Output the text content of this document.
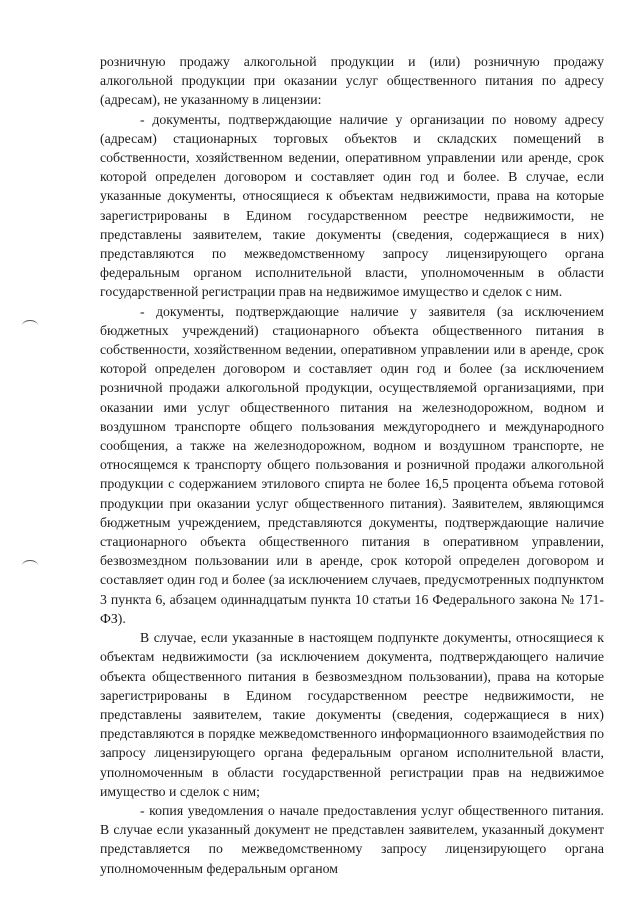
розничную продажу алкогольной продукции и (или) розничную продажу алкогольной продукции при оказании услуг общественного питания по адресу (адресам), не указанному в лицензии:

- документы, подтверждающие наличие у организации по новому адресу (адресам) стационарных торговых объектов и складских помещений в собственности, хозяйственном ведении, оперативном управлении или аренде, срок которой определен договором и составляет один год и более. В случае, если указанные документы, относящиеся к объектам недвижимости, права на которые зарегистрированы в Едином государственном реестре недвижимости, не представлены заявителем, такие документы (сведения, содержащиеся в них) представляются по межведомственному запросу лицензирующего органа федеральным органом исполнительной власти, уполномоченным в области государственной регистрации прав на недвижимое имущество и сделок с ним.

- документы, подтверждающие наличие у заявителя (за исключением бюджетных учреждений) стационарного объекта общественного питания в собственности, хозяйственном ведении, оперативном управлении или в аренде, срок которой определен договором и составляет один год и более (за исключением розничной продажи алкогольной продукции, осуществляемой организациями, при оказании ими услуг общественного питания на железнодорожном, водном и воздушном транспорте общего пользования междугороднего и международного сообщения, а также на железнодорожном, водном и воздушном транспорте, не относящемся к транспорту общего пользования и розничной продажи алкогольной продукции с содержанием этилового спирта не более 16,5 процента объема готовой продукции при оказании услуг общественного питания). Заявителем, являющимся бюджетным учреждением, представляются документы, подтверждающие наличие стационарного объекта общественного питания в оперативном управлении, безвозмездном пользовании или в аренде, срок которой определен договором и составляет один год и более (за исключением случаев, предусмотренных подпунктом 3 пункта 6, абзацем одиннадцатым пункта 10 статьи 16 Федерального закона № 171-ФЗ).

В случае, если указанные в настоящем подпункте документы, относящиеся к объектам недвижимости (за исключением документа, подтверждающего наличие объекта общественного питания в безвозмездном пользовании), права на которые зарегистрированы в Едином государственном реестре недвижимости, не представлены заявителем, такие документы (сведения, содержащиеся в них) представляются в порядке межведомственного информационного взаимодействия по запросу лицензирующего органа федеральным органом исполнительной власти, уполномоченным в области государственной регистрации прав на недвижимое имущество и сделок с ним;

- копия уведомления о начале предоставления услуг общественного питания. В случае если указанный документ не представлен заявителем, указанный документ представляется по межведомственному запросу лицензирующего органа уполномоченным федеральным органом
